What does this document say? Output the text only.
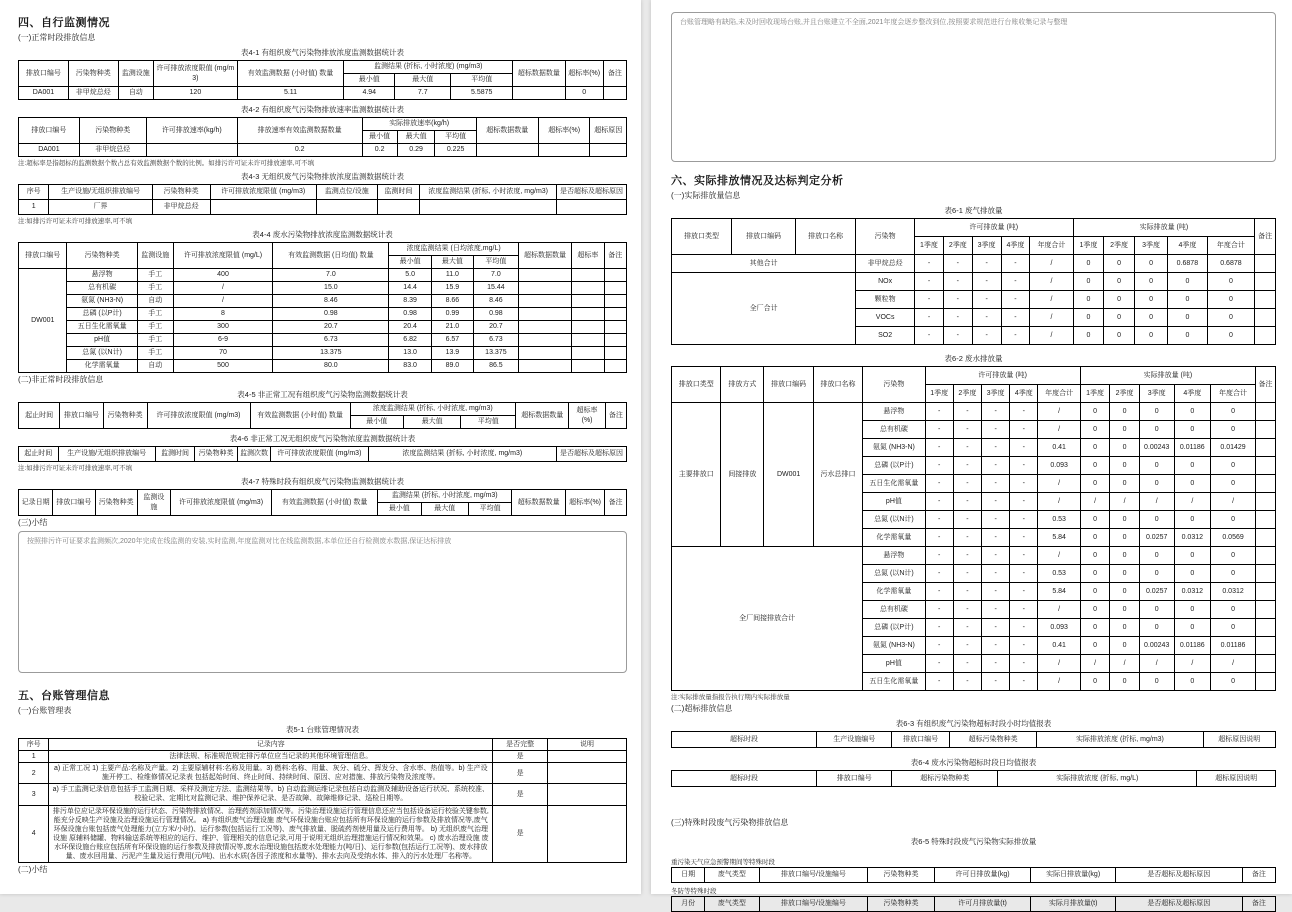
四、自行监测情况
(一)正常时段排放信息
表4-1 有组织废气污染物排放浓度监测数据统计表
排放口编号	污染物种类	监测设施	许可排放浓度限值 (mg/m3)	有效监测数据 (小时值) 数量	监测结果 (折标, 小时浓度) (mg/m3)			超标数据数量	超标率(%)	备注
					最小值	最大值	平均值			
DA001	非甲烷总烃	自动	120	5.11	4.94	7.7	5.5875		0	
表4-2 有组织废气污染物排放速率监测数据统计表
排放口编号	污染物种类	许可排放速率(kg/h)	排放速率有效监测数据数量	实际排放速率(kg/h)			超标数据数量	超标率(%)	超标原因
				最小值	最大值	平均值			
DA001	非甲烷总烃		0.2	0.2	0.29	0.225			
注:超标率是指超标的监测数据个数占总有效监测数据个数的比例。如排污许可证未许可排放速率,可不填
表4-3 无组织废气污染物排放浓度监测数据统计表
序号	生产设施/无组织排放编号	污染物种类	许可排放浓度限值 (mg/m3)	监测点位/设施	监测时间	浓度监测结果 (折标, 小时浓度, mg/m3)	是否超标及超标原因
1	厂界	非甲烷总烃					
注:如排污许可证未许可排放速率,可不填
表4-4 废水污染物排放浓度监测数据统计表
排放口编号	污染物种类	监测设施	许可排放浓度限值 (mg/L)	有效监测数据 (日均值) 数量	浓度监测结果 (日均浓度,mg/L)			超标数据数量	超标率	备注
					最小值	最大值	平均值			
DW001	悬浮物	手工	400	7.0	5.0	11.0	7.0			
	总有机碳	手工	/	15.0	14.4	15.9	15.44			
	氨氮 (NH3-N)	自动	/	8.46	8.39	8.66	8.46			
	总磷 (以P计)	手工	8	0.98	0.98	0.99	0.98			
	五日生化需氧量	手工	300	20.7	20.4	21.0	20.7			
	pH值	手工	6-9	6.73	6.82	6.57	6.73			
	总氮 (以N计)	手工	70	13.375	13.0	13.9	13.375			
	化学需氧量	自动	500	80.0	83.0	89.0	86.5			
(二)非正常时段排放信息
表4-5 非正常工况有组织废气污染物监测数据统计表
起止时间	排放口编号	污染物种类	许可排放浓度限值 (mg/m3)	有效监测数据 (小时值) 数量	浓度监测结果 (折标, 小时浓度, mg/m3)			超标数据数量	超标率(%)	备注
					最小值	最大值	平均值			
表4-6 非正常工况无组织废气污染物浓度监测数据统计表
起止时间	生产设施/无组织排放编号	监测时间	污染物种类	监测次数	许可排放浓度限值 (mg/m3)	浓度监测结果 (折标, 小时浓度, mg/m3)	是否超标及超标原因
注:如排污许可证未许可排放速率,可不填
表4-7 特殊时段有组织废气污染物监测数据统计表
记录日期	排放口编号	污染物种类	监测设施	许可排放浓度限值 (mg/m3)	有效监测数据 (小时值) 数量	监测结果 (折标, 小时浓度, mg/m3)			超标数据数量	超标率(%)	备注
						最小值	最大值	平均值			
(三)小结
按照排污许可证要求监测频次,2020年完成在线监测的安装,实时监测,年度监测对比在线监测数据,本单位还自行检测废水数据,保证达标排放
五、台账管理信息
(一)台账管理表
表5-1 台账管理情况表
序号	记录内容	是否完整	说明
1	法律法规、标准规范规定排污单位应当记录的其他环境管理信息。	是	
2	a) 正常工况 1) 主要产品:名称及产量。2) 主要原辅材料:名称及用量。3) 燃料:名称、用量、灰分、硫分、挥发分、含水率、热值等。b) 生产设施开停工、检维修情况记录表 包括起始时间、终止时间、持续时间、原因、应对措施、排放污染物及浓度等。	是	
3	a) 手工监测记录信息包括手工监测日期、采样及测定方法、监测结果等。b) 自动监测运维记录包括自动监测及辅助设备运行状况、系统校准、校验记录、定期比对监测记录、维护保养记录、是否故障、故障维修记录、巡检日期等。	是	
4	排污单位应记录环保设施的运行状态、污染物排放情况、治理药剂添加情况等。污染治理设施运行管理信息还应当包括设备运行校验关键参数,能充分反映生产设施及治理设施运行管理情况。 a) 有组织废气治理设施 废气环保设施台账应包括所有环保设施的运行参数及排放情况等,废气环保设施台账包括废气处理能力(立方米/小时)、运行参数(包括运行工况等)、废气排放量、脱硫药剂使用量及运行费用等。 b) 无组织废气治理设施 原辅料储罐、物料输送系统等相应的运行、维护、管理相关的信息记录,可用于说明无组织治理措施运行情况和效果。 c) 废水治理设施 废水环保设施台账应包括所有环保设施的运行参数及排放情况等,废水治理设施包括废水处理能力(吨/日)、运行参数(包括运行工况等)、废水排放量、废水回用量、污泥产生量及运行费用(元/吨)、出水水质(各因子浓度和水量等)、排水去向及受纳水体、排入的污水处理厂名称等。	是	
(二)小结
台账管理略有缺陷,未及时回收现场台账,并且台账建立不全面,2021年度会逐步整改到位,按照要求规范进行台账收集记录与整理
六、实际排放情况及达标判定分析
(一)实际排放量信息
表6-1 废气排放量
排放口类型	排放口编码	排放口名称	污染物	许可排放量 (吨)					实际排放量 (吨)					备注
				1季度	2季度	3季度	4季度	年度合计	1季度	2季度	3季度	4季度	年度合计	
其他合计			非甲烷总烃	-	-	-	-	/	0	0	0	0.6878	0.6878	
全厂合计			NOx	-	-	-	-	/	0	0	0	0	0	
			颗粒物	-	-	-	-	/	0	0	0	0	0	
			VOCs	-	-	-	-	/	0	0	0	0	0	
			SO2	-	-	-	-	/	0	0	0	0	0	
表6-2 废水排放量
排放口类型	排放方式	排放口编码	排放口名称	污染物	许可排放量 (吨)					实际排放量 (吨)					备注
					1季度	2季度	3季度	4季度	年度合计	1季度	2季度	3季度	4季度	年度合计	
主要排放口	间接排放	DW001	污水总排口	悬浮物	-	-	-	-	/	0	0	0	0	0	
				总有机碳	-	-	-	-	/	0	0	0	0	0	
				氨氮 (NH3-N)	-	-	-	-	0.41	0	0	0.00243	0.01186	0.01429	
				总磷 (以P计)	-	-	-	-	0.093	0	0	0	0	0	
				五日生化需氧量	-	-	-	-	/	0	0	0	0	0	
				pH值	-	-	-	-	/	/	/	/	/	/	
				总氮 (以N计)	-	-	-	-	0.53	0	0	0	0	0	
				化学需氧量	-	-	-	-	5.84	0	0	0.0257	0.0312	0.0569	
全厂间接排放合计				悬浮物	-	-	-	-	/	0	0	0	0	0	
				总氮 (以N计)	-	-	-	-	0.53	0	0	0	0	0	
				化学需氧量	-	-	-	-	5.84	0	0	0.0257	0.0312	0.0312	
				总有机碳	-	-	-	-	/	0	0	0	0	0	
				总磷 (以P计)	-	-	-	-	0.093	0	0	0	0	0	
				氨氮 (NH3-N)	-	-	-	-	0.41	0	0	0.00243	0.01186	0.01186	
				pH值	-	-	-	-	/	/	/	/	/	/	
				五日生化需氧量	-	-	-	-	/	0	0	0	0	0	
注:实际排放量指报告执行期内实际排放量
(二)超标排放信息
表6-3 有组织废气污染物超标时段小时均值报表
超标时段	生产设施编号	排放口编号	超标污染物种类	实际排放浓度 (折标, mg/m3)	超标原因说明
表6-4 废水污染物超标时段日均值报表
超标时段	排放口编号	超标污染物种类	实际排放浓度 (折标, mg/L)	超标原因说明
(三)特殊时段废气污染物排放信息
表6-5 特殊时段废气污染物实际排放量
重污染天气应急预警期间等特殊时段
日期	废气类型	排放口编号/设施编号	污染物种类	许可日排放量(kg)	实际日排放量(kg)	是否超标及超标原因	备注
冬防等特殊时段
月份	废气类型	排放口编号/设施编号	污染物种类	许可月排放量(t)	实际月排放量(t)	是否超标及超标原因	备注
